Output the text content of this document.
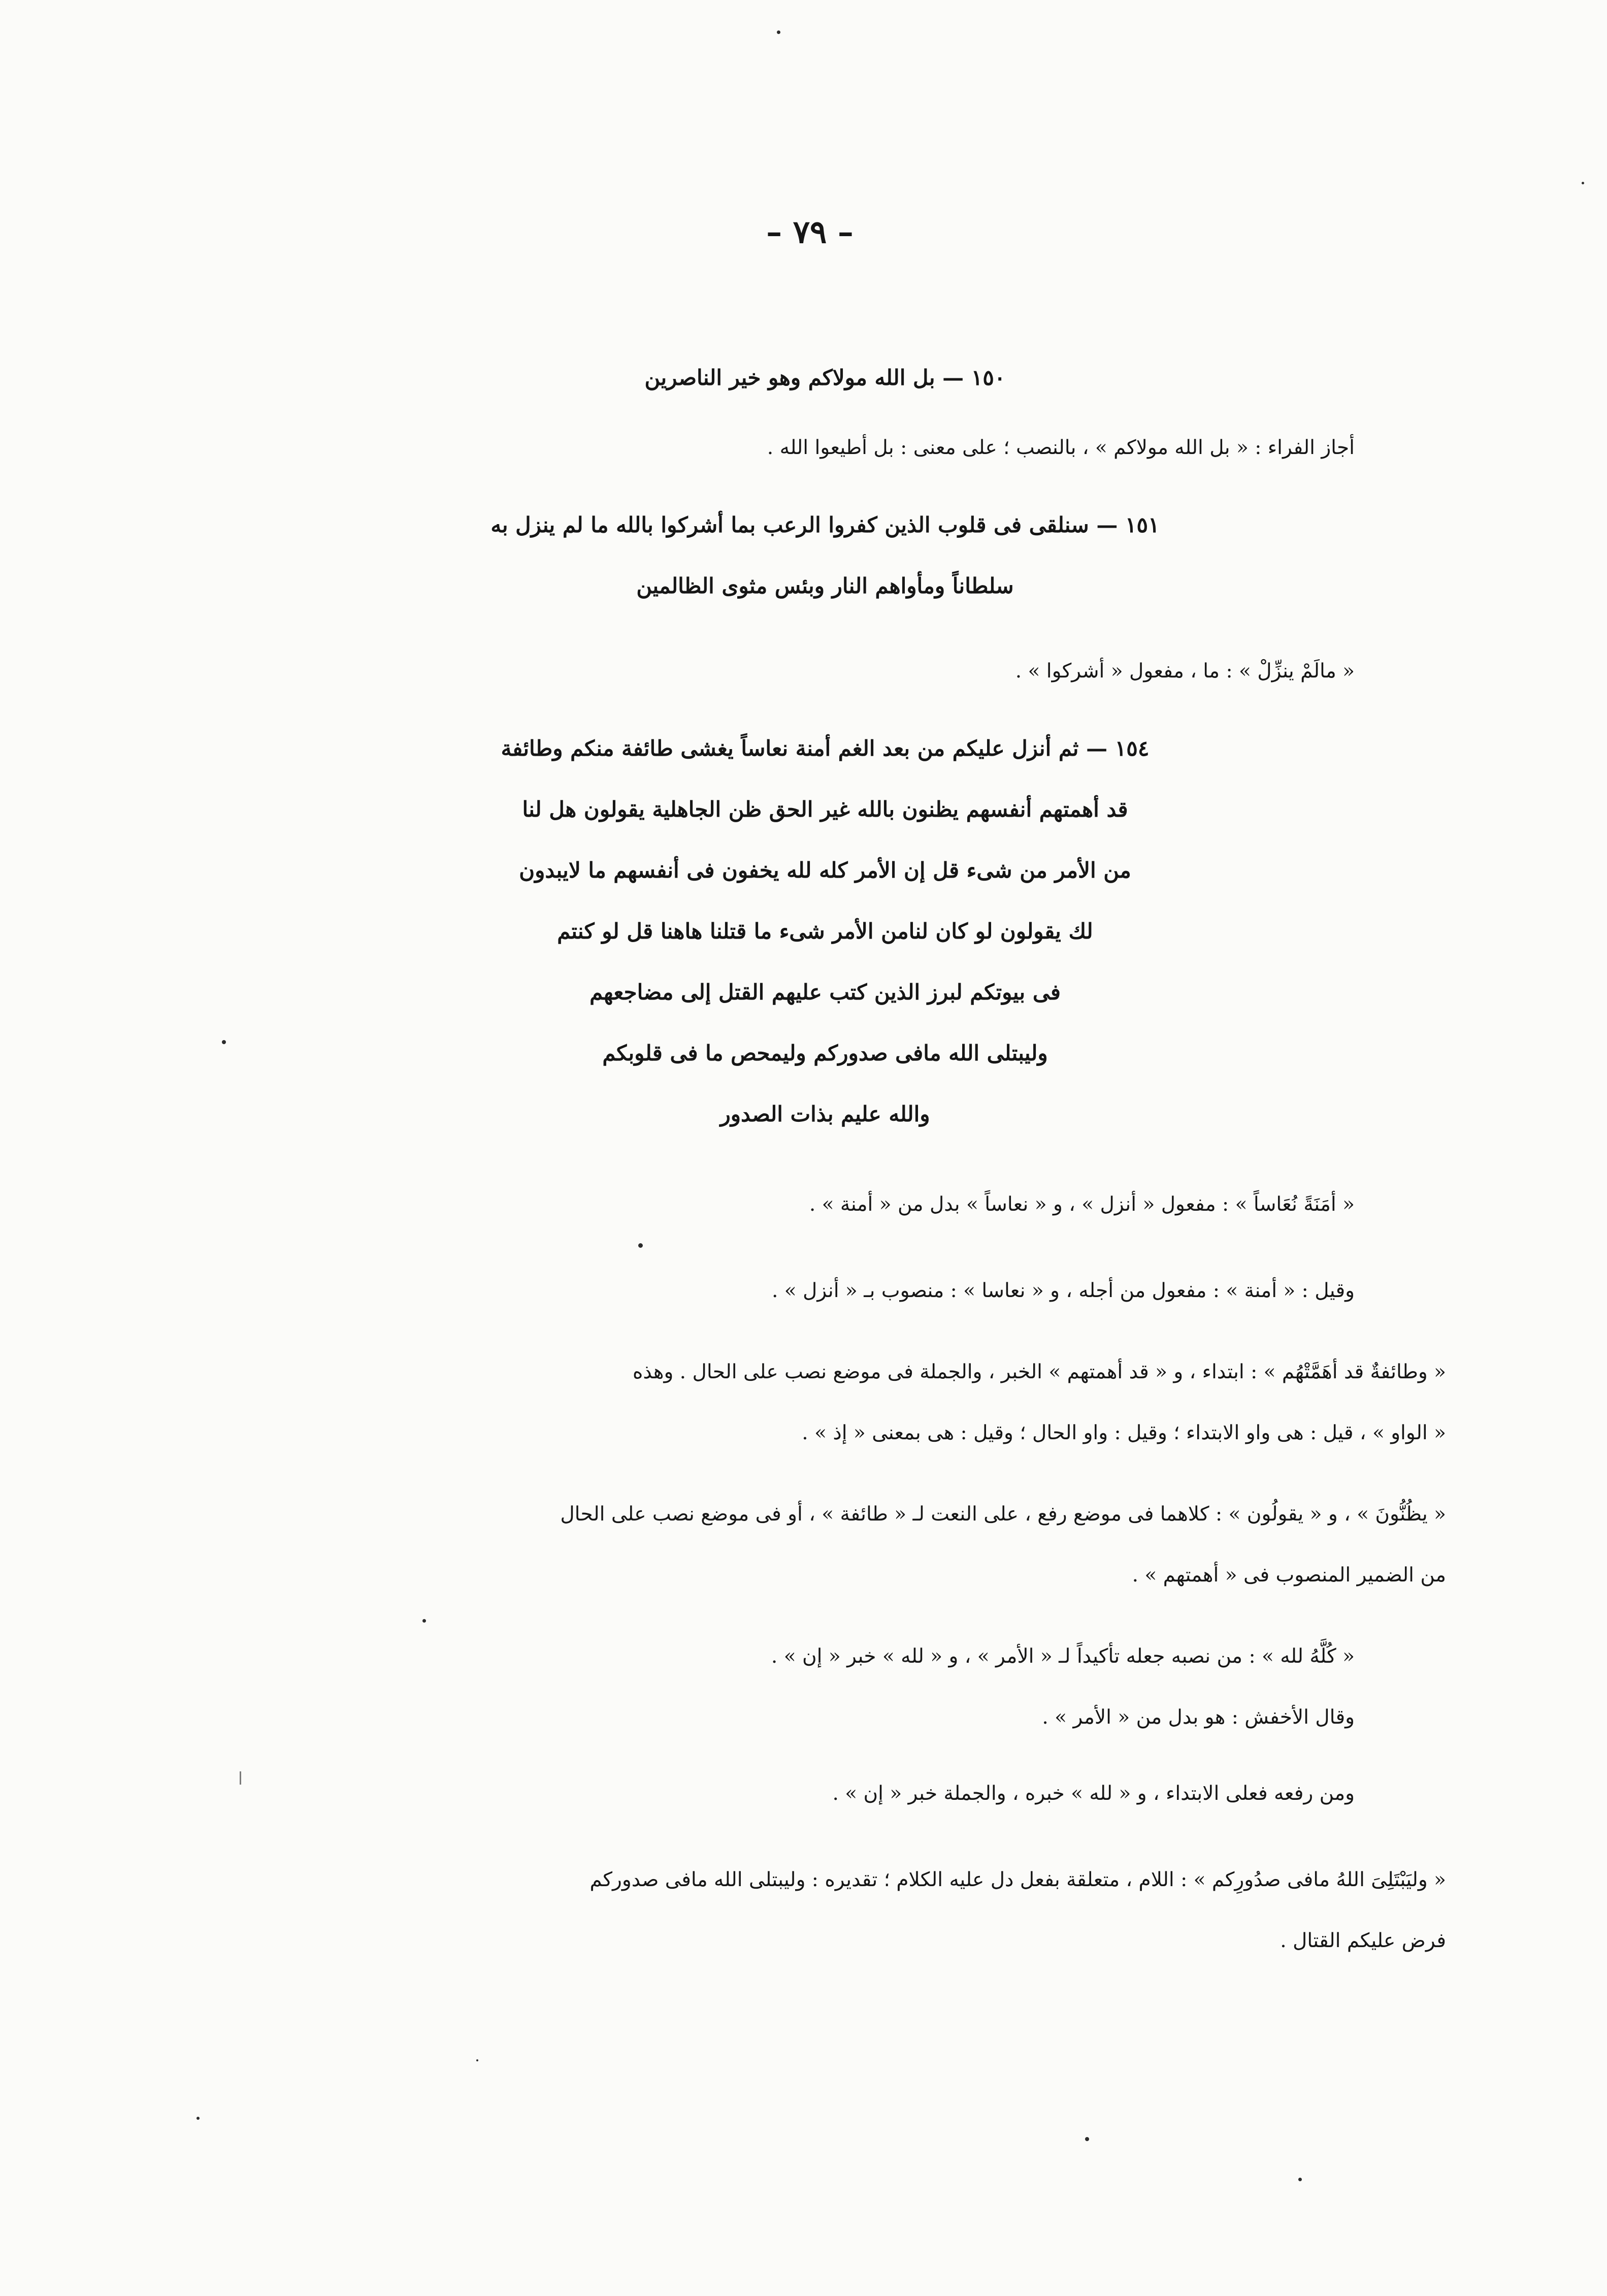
– ٧٩ –
١٥٠ — بل الله مولاكم وهو خير الناصرين
أجاز الفراء : « بل الله مولاكم » ، بالنصب ؛ على معنى : بل أطيعوا الله .
١٥١ — سنلقى فى قلوب الذين كفروا الرعب بما أشركوا بالله ما لم ينزل به
سلطاناً ومأواهم النار وبئس مثوى الظالمين
« مالَمْ ينزِّلْ » : ما ، مفعول « أشركوا » .
١٥٤ — ثم أنزل عليكم من بعد الغم أمنة نعاساً يغشى طائفة منكم وطائفة
قد أهمتهم أنفسهم يظنون بالله غير الحق ظن الجاهلية يقولون هل لنا
من الأمر من شىء قل إن الأمر كله لله يخفون فى أنفسهم ما لايبدون
لك يقولون لو كان لنامن الأمر شىء ما قتلنا هاهنا قل لو كنتم
فى بيوتكم لبرز الذين كتب عليهم القتل إلى مضاجعهم
وليبتلى الله مافى صدوركم وليمحص ما فى قلوبكم
والله عليم بذات الصدور
« أمَنَةً نُعَاساً » : مفعول « أنزل » ، و « نعاساً » بدل من « أمنة » .
وقيل : « أمنة » : مفعول من أجله ، و « نعاسا » : منصوب بـ « أنزل » .
« وطائفةٌ قد أهَمَّتْهُم » : ابتداء ، و « قد أهمتهم » الخبر ، والجملة فى موضع نصب على الحال . وهذه
« الواو » ، قيل : هى واو الابتداء ؛ وقيل : واو الحال ؛ وقيل : هى بمعنى « إذ » .
« يظُنُّونَ » ، و « يقولُون » : كلاهما فى موضع رفع ، على النعت لـ « طائفة » ، أو فى موضع نصب على الحال
من الضمير المنصوب فى « أهمتهم » .
« كُلَّهُ لله » : من نصبه جعله تأكيداً لـ « الأمر » ، و « لله » خبر « إن » .
وقال الأخفش : هو بدل من « الأمر » .
ومن رفعه فعلى الابتداء ، و « لله » خبره ، والجملة خبر « إن » .
« وليَبْتَلِىَ اللهُ مافى صدُورِكم » : اللام ، متعلقة بفعل دل عليه الكلام ؛ تقديره : وليبتلى الله مافى صدوركم
فرض عليكم القتال .
